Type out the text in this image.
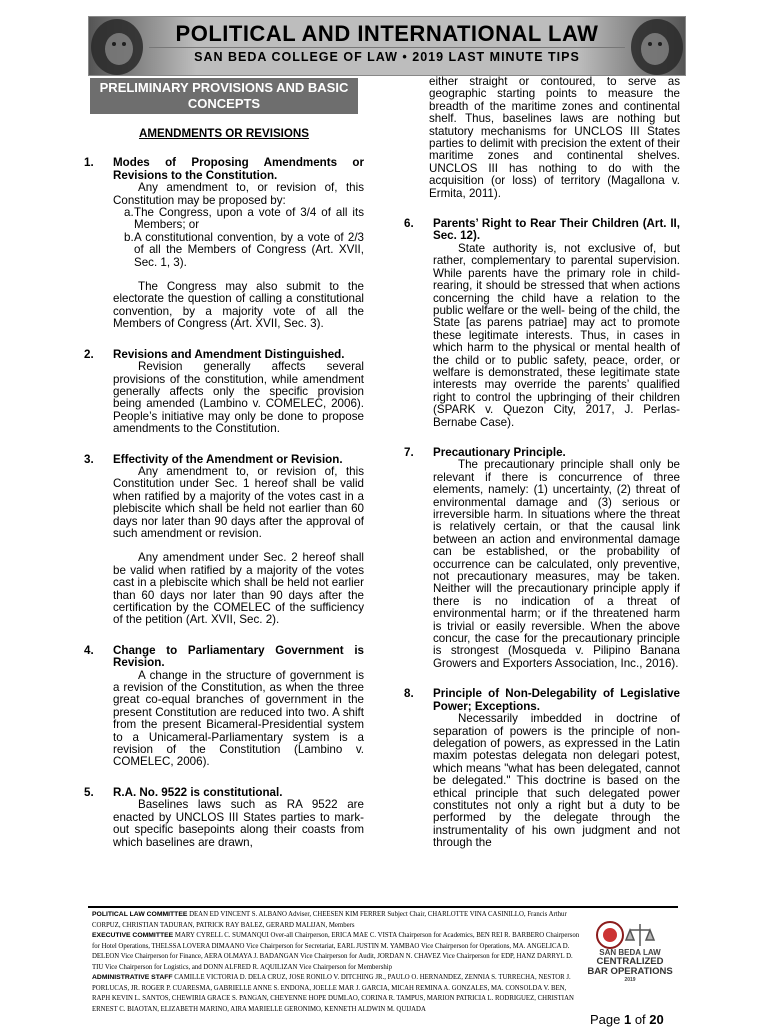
POLITICAL AND INTERNATIONAL LAW
SAN BEDA COLLEGE OF LAW • 2019 LAST MINUTE TIPS
PRELIMINARY PROVISIONS AND BASIC CONCEPTS
AMENDMENTS OR REVISIONS
1. Modes of Proposing Amendments or Revisions to the Constitution.

Any amendment to, or revision of, this Constitution may be proposed by:

a. The Congress, upon a vote of 3/4 of all its Members; or

b. A constitutional convention, by a vote of 2/3 of all the Members of Congress (Art. XVII, Sec. 1, 3).

The Congress may also submit to the electorate the question of calling a constitutional convention, by a majority vote of all the Members of Congress (Art. XVII, Sec. 3).

2. Revisions and Amendment Distinguished.

Revision generally affects several provisions of the constitution, while amendment generally affects only the specific provision being amended (Lambino v. COMELEC, 2006). People’s initiative may only be done to propose amendments to the Constitution.

3. Effectivity of the Amendment or Revision.

Any amendment to, or revision of, this Constitution under Sec. 1 hereof shall be valid when ratified by a majority of the votes cast in a plebiscite which shall be held not earlier than 60 days nor later than 90 days after the approval of such amendment or revision.

Any amendment under Sec. 2 hereof shall be valid when ratified by a majority of the votes cast in a plebiscite which shall be held not earlier than 60 days nor later than 90 days after the certification by the COMELEC of the sufficiency of the petition (Art. XVII, Sec. 2).

4. Change to Parliamentary Government is Revision.

A change in the structure of government is a revision of the Constitution, as when the three great co-equal branches of government in the present Constitution are reduced into two. A shift from the present Bicameral-Presidential system to a Unicameral-Parliamentary system is a revision of the Constitution (Lambino v. COMELEC, 2006).

5. R.A. No. 9522 is constitutional.

Baselines laws such as RA 9522 are enacted by UNCLOS III States parties to mark-out specific basepoints along their coasts from which baselines are drawn,

either straight or contoured, to serve as geographic starting points to measure the breadth of the maritime zones and continental shelf. Thus, baselines laws are nothing but statutory mechanisms for UNCLOS III States parties to delimit with precision the extent of their maritime zones and continental shelves. UNCLOS III has nothing to do with the acquisition (or loss) of territory (Magallona v. Ermita, 2011).

6. Parents’ Right to Rear Their Children (Art. II, Sec. 12).

State authority is, not exclusive of, but rather, complementary to parental supervision. While parents have the primary role in child-rearing, it should be stressed that when actions concerning the child have a relation to the public welfare or the well- being of the child, the State [as parens patriae] may act to promote these legitimate interests. Thus, in cases in which harm to the physical or mental health of the child or to public safety, peace, order, or welfare is demonstrated, these legitimate state interests may override the parents’ qualified right to control the upbringing of their children (SPARK v. Quezon City, 2017, J. Perlas-Bernabe Case).

7. Precautionary Principle.

The precautionary principle shall only be relevant if there is concurrence of three elements, namely: (1) uncertainty, (2) threat of environmental damage and (3) serious or irreversible harm. In situations where the threat is relatively certain, or that the causal link between an action and environmental damage can be established, or the probability of occurrence can be calculated, only preventive, not precautionary measures, may be taken. Neither will the precautionary principle apply if there is no indication of a threat of environmental harm; or if the threatened harm is trivial or easily reversible. When the above concur, the case for the precautionary principle is strongest (Mosqueda v. Pilipino Banana Growers and Exporters Association, Inc., 2016).

8. Principle of Non-Delegability of Legislative Power; Exceptions.

Necessarily imbedded in doctrine of separation of powers is the principle of non-delegation of powers, as expressed in the Latin maxim potestas delegata non delegari potest, which means "what has been delegated, cannot be delegated." This doctrine is based on the ethical principle that such delegated power constitutes not only a right but a duty to be performed by the delegate through the instrumentality of his own judgment and not through the

POLITICAL LAW COMMITTEE DEAN ED VINCENT S. ALBANO Adviser, CHEESEN KIM FERRER Subject Chair, CHARLOTTE VINA CASINILLO, Francis Arthur CORPUZ, CHRISTIAN TADURAN, PATRICK RAY BALEZ, GERARD MALIJAN, Members
EXECUTIVE COMMITTEE MARY CYRELL C. SUMANQUI Over-all Chairperson, ERICA MAE C. VISTA Chairperson for Academics, BEN REI R. BARBERO Chairperson for Hotel Operations, THELSSA LOVERA DIMAANO Vice Chairperson for Secretariat, EARL JUSTIN M. YAMBAO Vice Chairperson for Operations, MA. ANGELICA D. DELEON Vice Chairperson for Finance, AERA OLMAYA J. BADANGAN Vice Chairperson for Audit, JORDAN N. CHAVEZ Vice Chairperson for EDP, HANZ DARRYL D. TIU Vice Chairperson for Logistics, and DONN ALFRED R. AQUILIZAN Vice Chairperson for Membership
ADMINISTRATIVE STAFF CAMILLE VICTORIA D. DELA CRUZ, JOSE RONILO V. DITCHING JR., PAULO O. HERNANDEZ, ZENNIA S. TURRECHA, NESTOR J. PORLUCAS, JR. ROGER P. CUARESMA, GABRIELLE ANNE S. ENDONA, JOELLE MAR J. GARCIA, MICAH REMINA A. GONZALES, MA. CONSOLDA V. BEN, RAPH KEVIN L. SANTOS, CHEWIRIA GRACE S. PANGAN, CHEYENNE HOPE DUMLAO, CORINA R. TAMPUS, MARION PATRICIA L. RODRIGUEZ, CHRISTIAN ERNEST C. BIAOTAN, ELIZABETH MARINO, AIRA MARIELLE GERONIMO, KENNETH ALDWIN M. QUIJADA
SAN BEDA LAW
CENTRALIZED
BAR OPERATIONS
2019
Page 1 of 20
